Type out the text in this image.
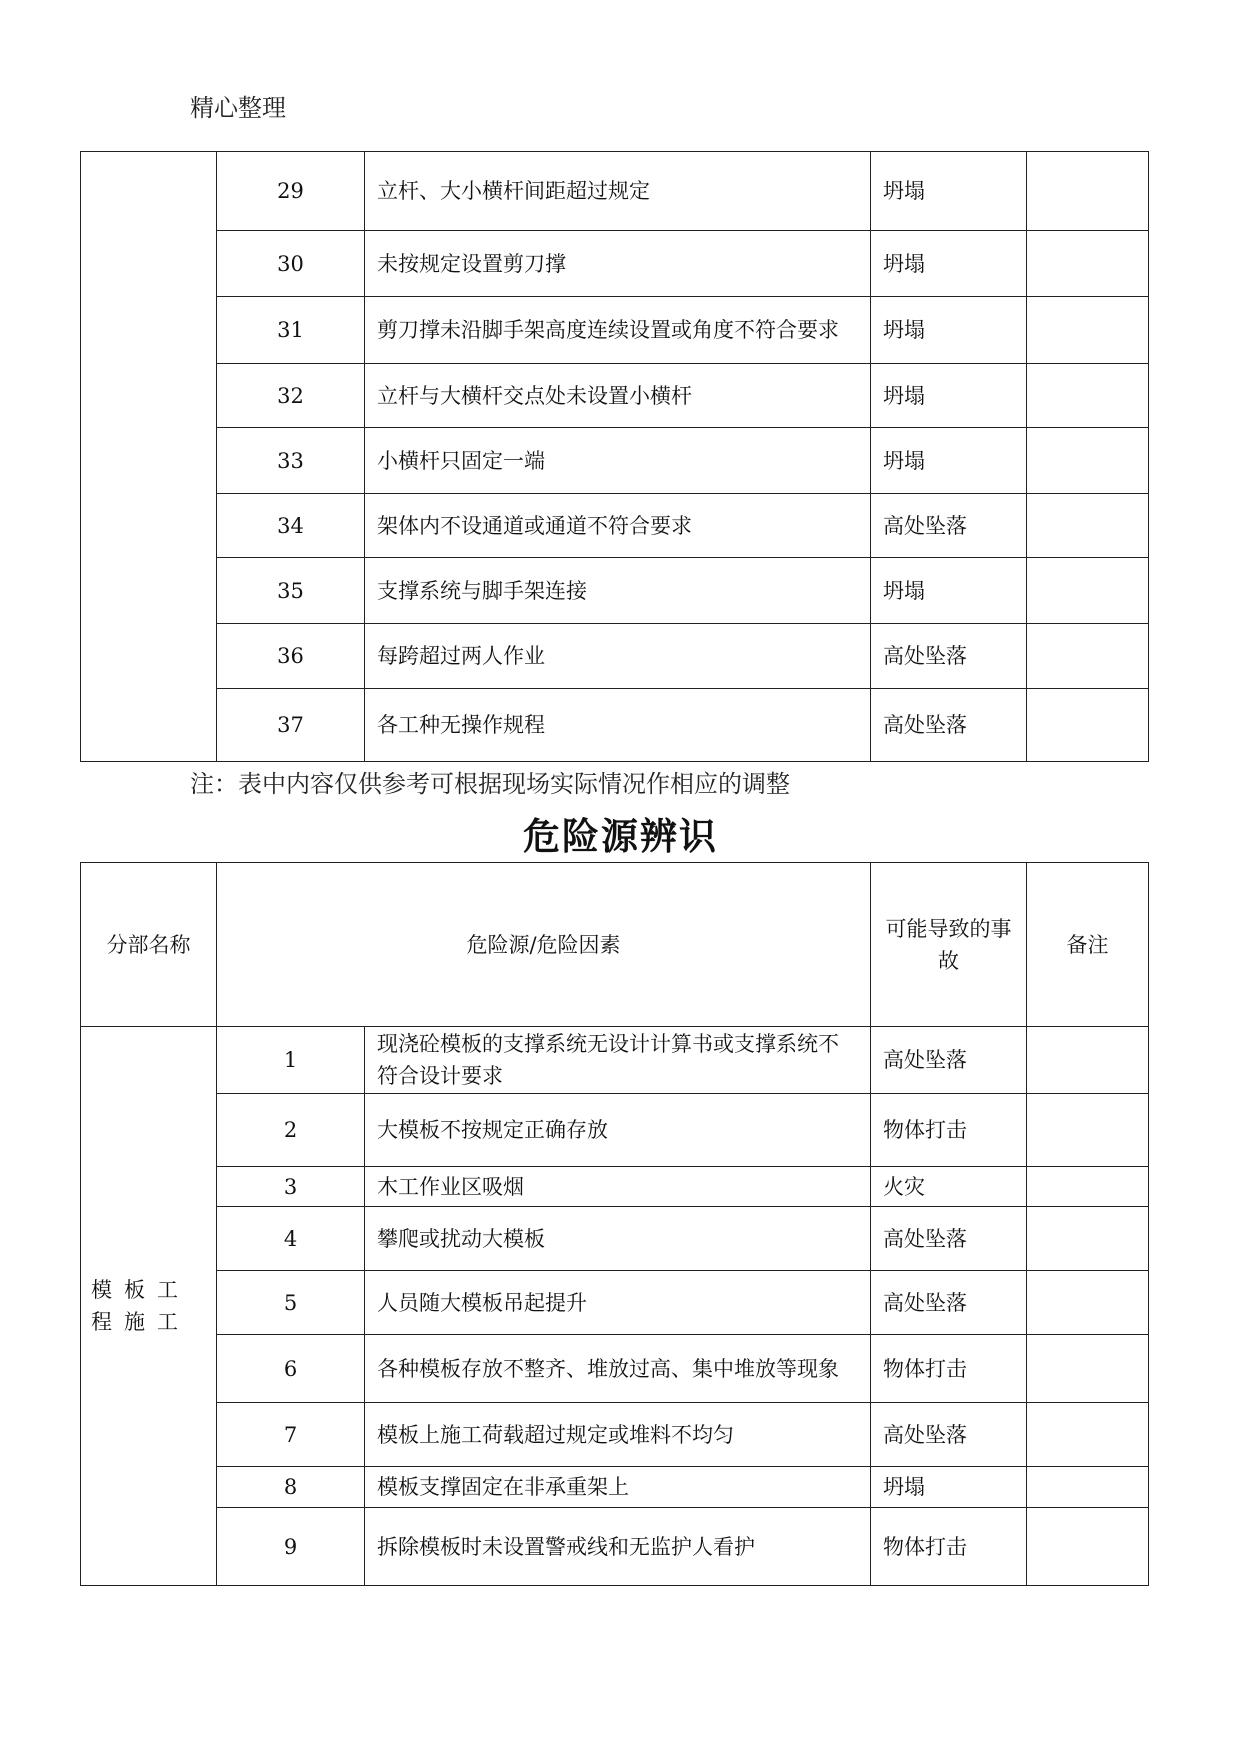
精心整理
	29	立杆、大小横杆间距超过规定	坍塌	
	30	未按规定设置剪刀撑	坍塌	
	31	剪刀撑未沿脚手架高度连续设置或角度不符合要求	坍塌	
	32	立杆与大横杆交点处未设置小横杆	坍塌	
	33	小横杆只固定一端	坍塌	
	34	架体内不设通道或通道不符合要求	高处坠落	
	35	支撑系统与脚手架连接	坍塌	
	36	每跨超过两人作业	高处坠落	
	37	各工种无操作规程	高处坠落	
注：表中内容仅供参考可根据现场实际情况作相应的调整
危险源辨识
分部名称	危险源/危险因素		可能导致的事故	备注
模板工程施工	1	现浇砼模板的支撑系统无设计计算书或支撑系统不符合设计要求	高处坠落	
	2	大模板不按规定正确存放	物体打击	
	3	木工作业区吸烟	火灾	
	4	攀爬或扰动大模板	高处坠落	
	5	人员随大模板吊起提升	高处坠落	
	6	各种模板存放不整齐、堆放过高、集中堆放等现象	物体打击	
	7	模板上施工荷载超过规定或堆料不均匀	高处坠落	
	8	模板支撑固定在非承重架上	坍塌	
	9	拆除模板时未设置警戒线和无监护人看护	物体打击	
